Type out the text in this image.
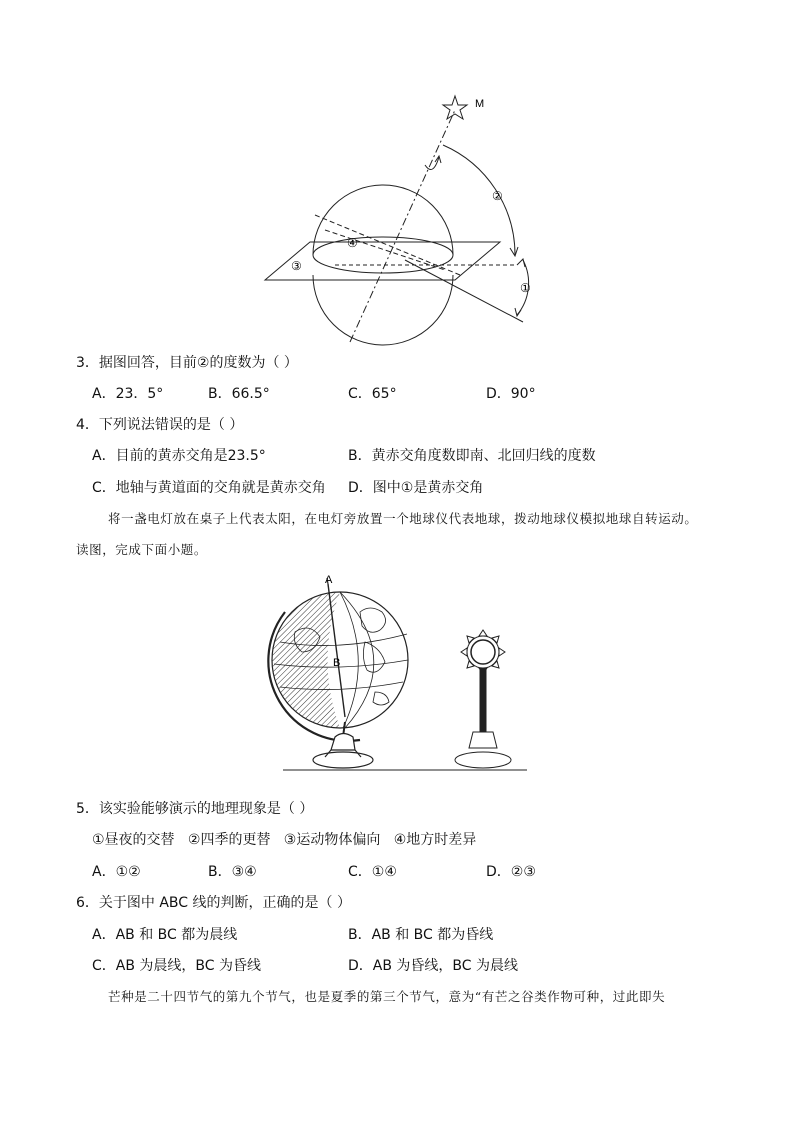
M
②
①
③
④
3．据图回答，目前②的度数为（ ）
A．23．5°	B．66.5°	C．65°	D．90°
4．下列说法错误的是（ ）
A．目前的黄赤交角是23.5°	B．黄赤交角度数即南、北回归线的度数
C．地轴与黄道面的交角就是黄赤交角 D．图中①是黄赤交角
将一盏电灯放在桌子上代表太阳，在电灯旁放置一个地球仪代表地球，拨动地球仪模拟地球自转运动。
读图，完成下面小题。
A
B
5．该实验能够演示的地理现象是（ ）
①昼夜的交替   ②四季的更替   ③运动物体偏向   ④地方时差异
A．①②	B．③④	C．①④	D．②③
6．关于图中 ABC 线的判断，正确的是（ ）
A．AB 和 BC 都为晨线	B．AB 和 BC 都为昏线
C．AB 为晨线，BC 为昏线	D．AB 为昏线，BC 为晨线
芒种是二十四节气的第九个节气，也是夏季的第三个节气，意为“有芒之谷类作物可种，过此即失
